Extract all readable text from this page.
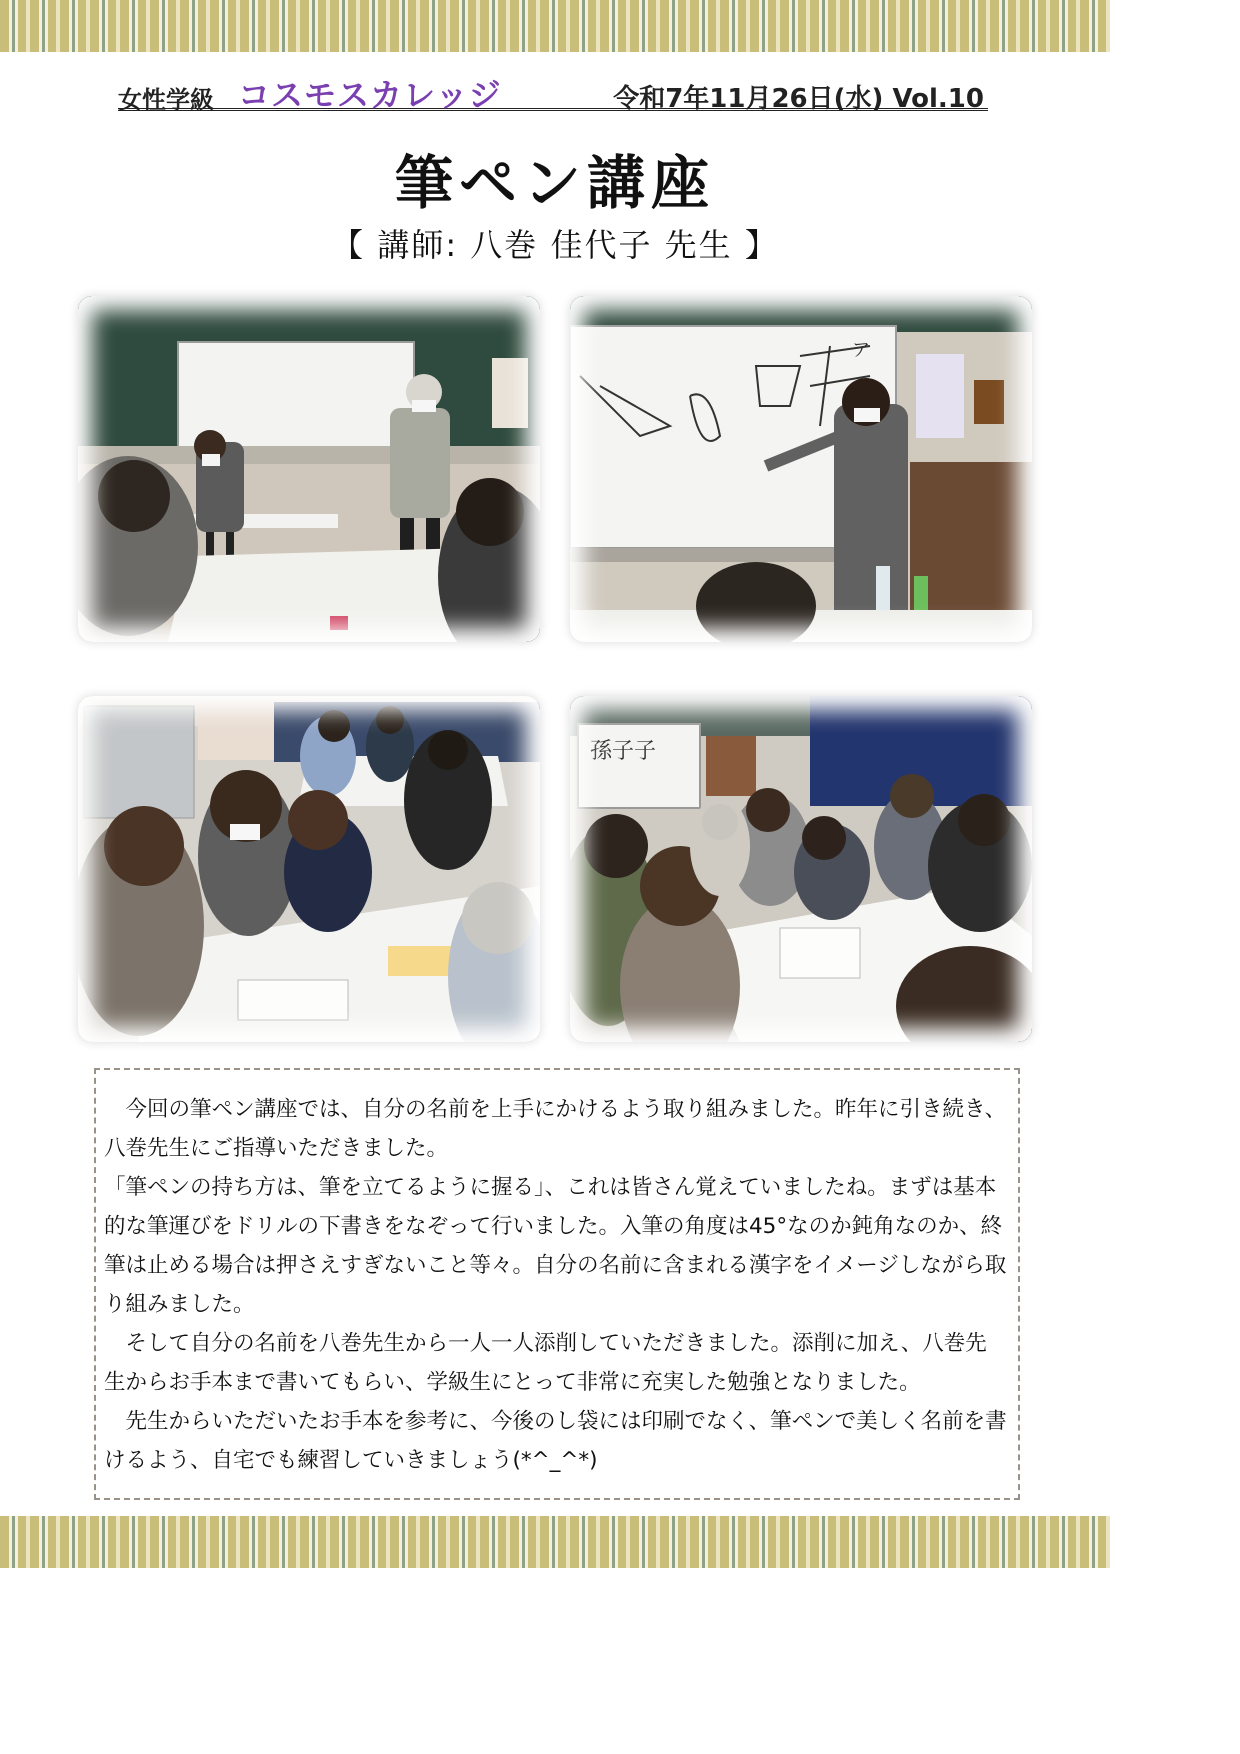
女性学級 コスモスカレッジ	令和7年11月26日(水) Vol.10
筆ペン講座
【 講師: 八巻 佳代子 先生 】
ア
孫子子

　今回の筆ペン講座では、自分の名前を上手にかけるよう取り組みました。昨年に引き続き、八巻先生にご指導いただきました。

「筆ペンの持ち方は、筆を立てるように握る」、これは皆さん覚えていましたね。まずは基本的な筆運びをドリルの下書きをなぞって行いました。入筆の角度は45°なのか鈍角なのか、終筆は止める場合は押さえすぎないこと等々。自分の名前に含まれる漢字をイメージしながら取り組みました。

　そして自分の名前を八巻先生から一人一人添削していただきました。添削に加え、八巻先生からお手本まで書いてもらい、学級生にとって非常に充実した勉強となりました。

　先生からいただいたお手本を参考に、今後のし袋には印刷でなく、筆ペンで美しく名前を書けるよう、自宅でも練習していきましょう(*^_^*)
